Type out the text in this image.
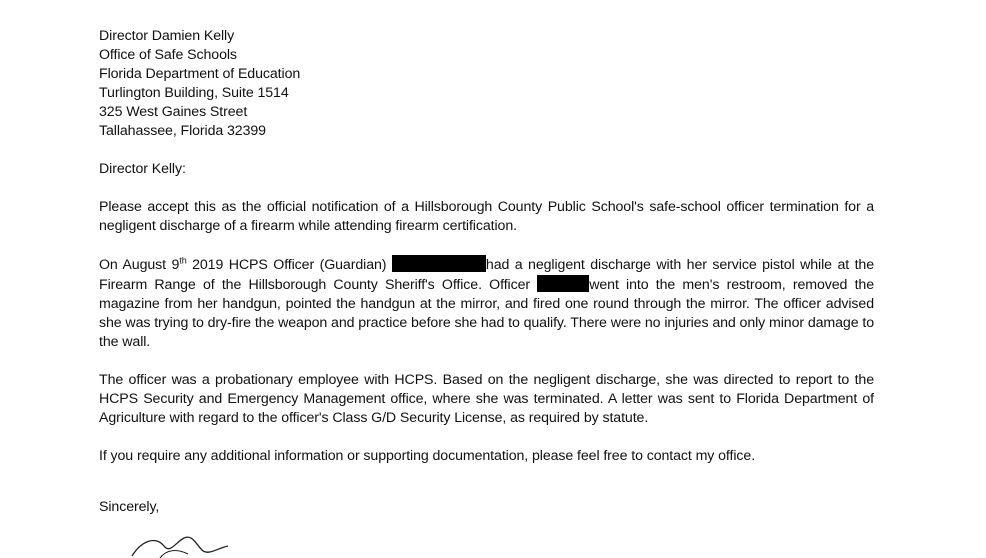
Director Damien Kelly
Office of Safe Schools
Florida Department of Education
Turlington Building, Suite 1514
325 West Gaines Street
Tallahassee, Florida 32399
Director Kelly:

Please accept this as the official notification of a Hillsborough County Public School's safe-school officer termination for a negligent discharge of a firearm while attending firearm certification.

On August 9th 2019 HCPS Officer (Guardian)	had a negligent discharge with her service pistol while at the Firearm Range of the Hillsborough County Sheriff's Office. Officer	went into the men's restroom, removed the magazine from her handgun, pointed the handgun at the mirror, and fired one round through the mirror. The officer advised she was trying to dry-fire the weapon and practice before she had to qualify. There were no injuries and only minor damage to the wall.

The officer was a probationary employee with HCPS. Based on the negligent discharge, she was directed to report to the HCPS Security and Emergency Management office, where she was terminated. A letter was sent to Florida Department of Agriculture with regard to the officer's Class G/D Security License, as required by statute.

If you require any additional information or supporting documentation, please feel free to contact my office.

Sincerely,
